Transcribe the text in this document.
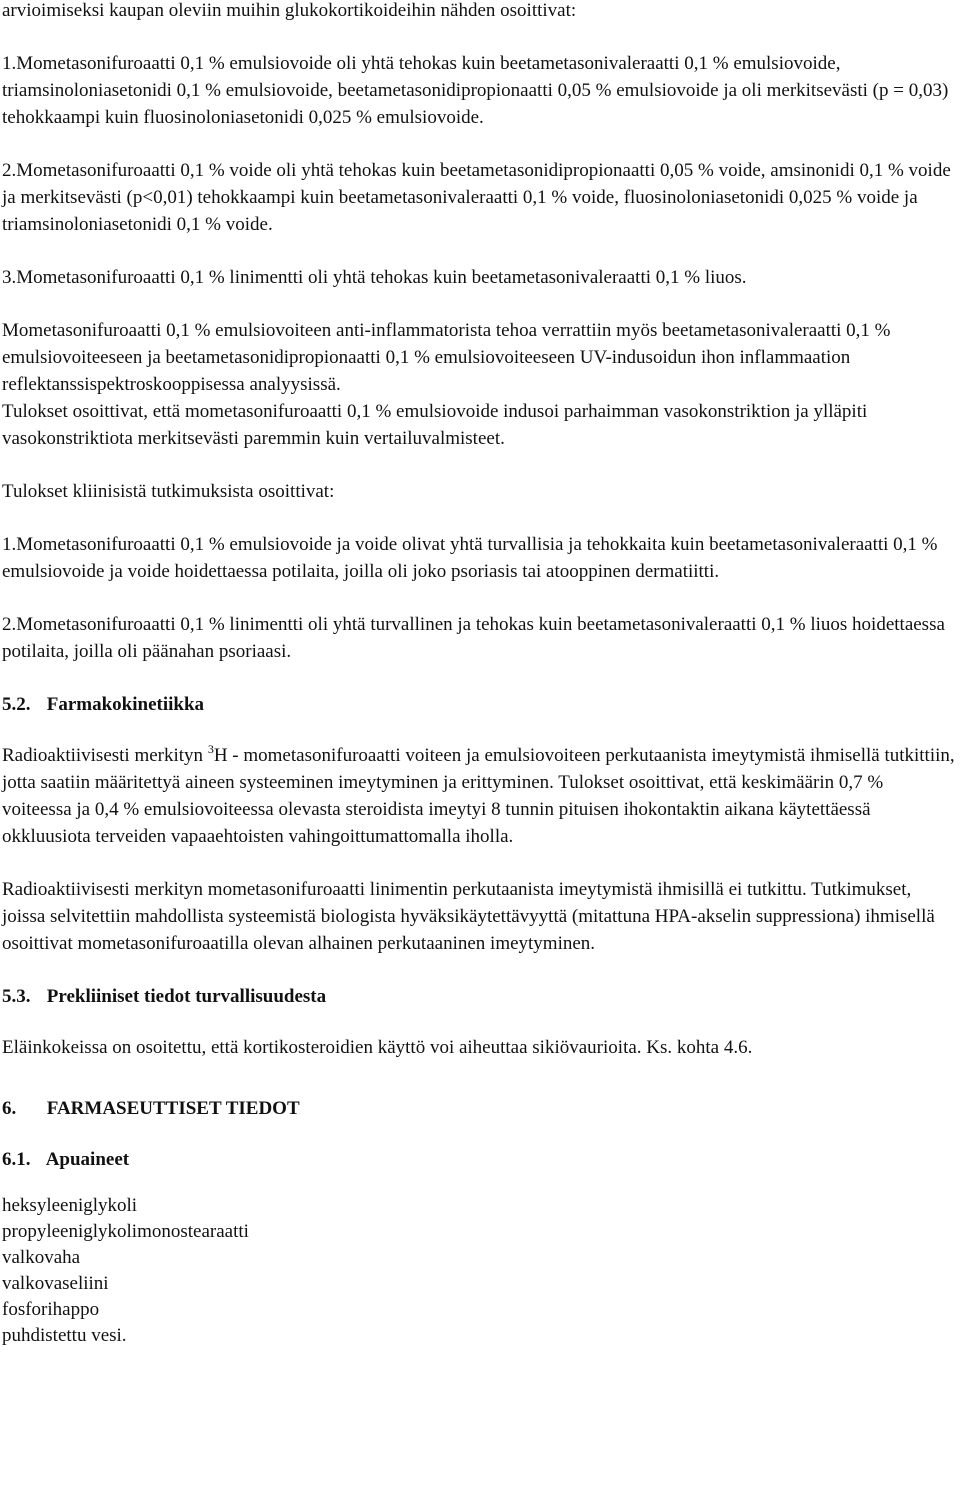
arvioimiseksi kaupan oleviin muihin glukokortikoideihin nähden osoittivat:

1.Mometasonifuroaatti 0,1 % emulsiovoide oli yhtä tehokas kuin beetametasonivaleraatti 0,1 % emulsiovoide, triamsinoloniasetonidi 0,1 % emulsiovoide, beetametasonidipropionaatti 0,05 % emulsiovoide ja oli merkitsevästi (p = 0,03) tehokkaampi kuin fluosinoloniasetonidi 0,025 % emulsiovoide.

2.Mometasonifuroaatti 0,1 % voide oli yhtä tehokas kuin beetametasonidipropionaatti 0,05 % voide, amsinonidi 0,1 % voide ja merkitsevästi (p<0,01) tehokkaampi kuin beetametasonivaleraatti 0,1 % voide, fluosinoloniasetonidi 0,025 % voide ja triamsinoloniasetonidi 0,1 % voide.

3.Mometasonifuroaatti 0,1 % linimentti oli yhtä tehokas kuin beetametasonivaleraatti 0,1 % liuos.

Mometasonifuroaatti 0,1 % emulsiovoiteen anti-inflammatorista tehoa verrattiin myös beetametasonivaleraatti 0,1 % emulsiovoiteeseen ja beetametasonidipropionaatti 0,1 % emulsiovoiteeseen UV-indusoidun ihon inflammaation reflektanssispektroskooppisessa analyysissä.

Tulokset osoittivat, että mometasonifuroaatti 0,1 % emulsiovoide indusoi parhaimman vasokonstriktion ja ylläpiti vasokonstriktiota merkitsevästi paremmin kuin vertailuvalmisteet.

Tulokset kliinisistä tutkimuksista osoittivat:

1.Mometasonifuroaatti 0,1 % emulsiovoide ja voide olivat yhtä turvallisia ja tehokkaita kuin beetametasonivaleraatti 0,1 % emulsiovoide ja voide hoidettaessa potilaita, joilla oli joko psoriasis tai atooppinen dermatiitti.

2.Mometasonifuroaatti 0,1 % linimentti oli yhtä turvallinen ja tehokas kuin beetametasonivaleraatti 0,1 % liuos hoidettaessa potilaita, joilla oli päänahan psoriaasi.

5.2. Farmakokinetiikka

Radioaktiivisesti merkityn $^3$H - mometasonifuroaatti voiteen ja emulsiovoiteen perkutaanista imeytymistä ihmisellä tutkittiin, jotta saatiin määritettyä aineen systeeminen imeytyminen ja erittyminen. Tulokset osoittivat, että keskimäärin 0,7 % voiteessa ja 0,4 % emulsiovoiteessa olevasta steroidista imeytyi 8 tunnin pituisen ihokontaktin aikana käytettäessä okkluusiota terveiden vapaaehtoisten vahingoittumattomalla iholla.

Radioaktiivisesti merkityn mometasonifuroaatti linimentin perkutaanista imeytymistä ihmisillä ei tutkittu. Tutkimukset, joissa selvitettiin mahdollista systeemistä biologista hyväksikäytettävyyttä (mitattuna HPA-akselin suppressiona) ihmisellä osoittivat mometasonifuroaatilla olevan alhainen perkutaaninen imeytyminen.

5.3. Prekliiniset tiedot turvallisuudesta

Eläinkokeissa on osoitettu, että kortikosteroidien käyttö voi aiheuttaa sikiövaurioita. Ks. kohta 4.6.

6. FARMASEUTTISET TIEDOT

6.1. Apuaineet

heksyleeniglykoli

propyleeniglykolimonostearaatti

valkovaha

valkovaseliini

fosforihappo

puhdistettu vesi.
